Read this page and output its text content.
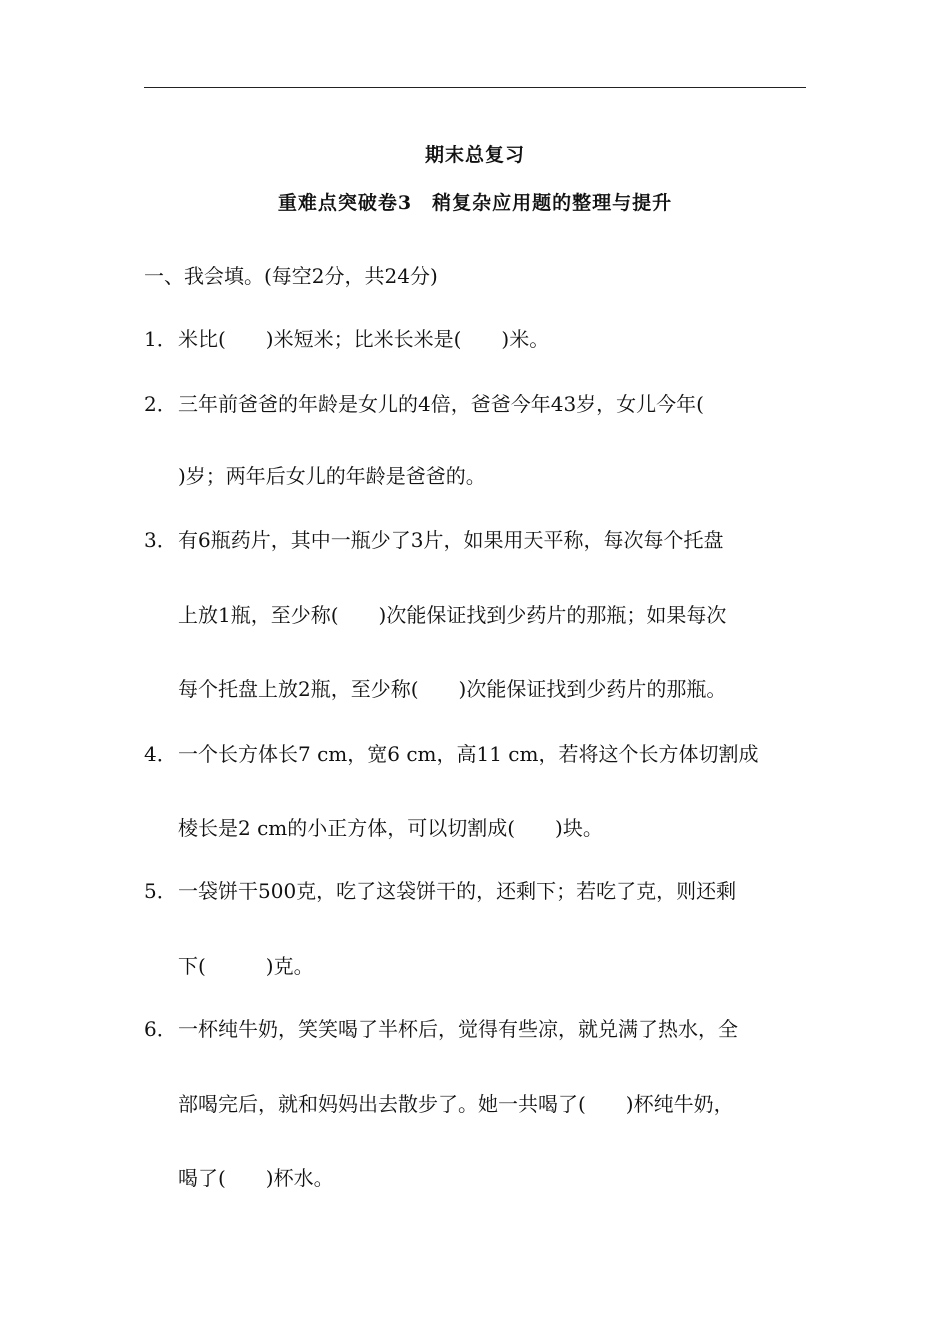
期末总复习
重难点突破卷3　稍复杂应用题的整理与提升
一、我会填。(每空2分，共24分)
1． 米比(　　)米短米；比米长米是(　　)米。
2． 三年前爸爸的年龄是女儿的4倍，爸爸今年43岁，女儿今年(
)岁；两年后女儿的年龄是爸爸的。
3． 有6瓶药片，其中一瓶少了3片，如果用天平称，每次每个托盘
上放1瓶，至少称(　　)次能保证找到少药片的那瓶；如果每次
每个托盘上放2瓶，至少称(　　)次能保证找到少药片的那瓶。
4． 一个长方体长7 cm，宽6 cm，高11 cm，若将这个长方体切割成
棱长是2 cm的小正方体，可以切割成(　　)块。
5． 一袋饼干500克，吃了这袋饼干的，还剩下；若吃了克，则还剩
下(　　　)克。
6． 一杯纯牛奶，笑笑喝了半杯后，觉得有些凉，就兑满了热水，全
部喝完后，就和妈妈出去散步了。她一共喝了(　　)杯纯牛奶，
喝了(　　)杯水。
